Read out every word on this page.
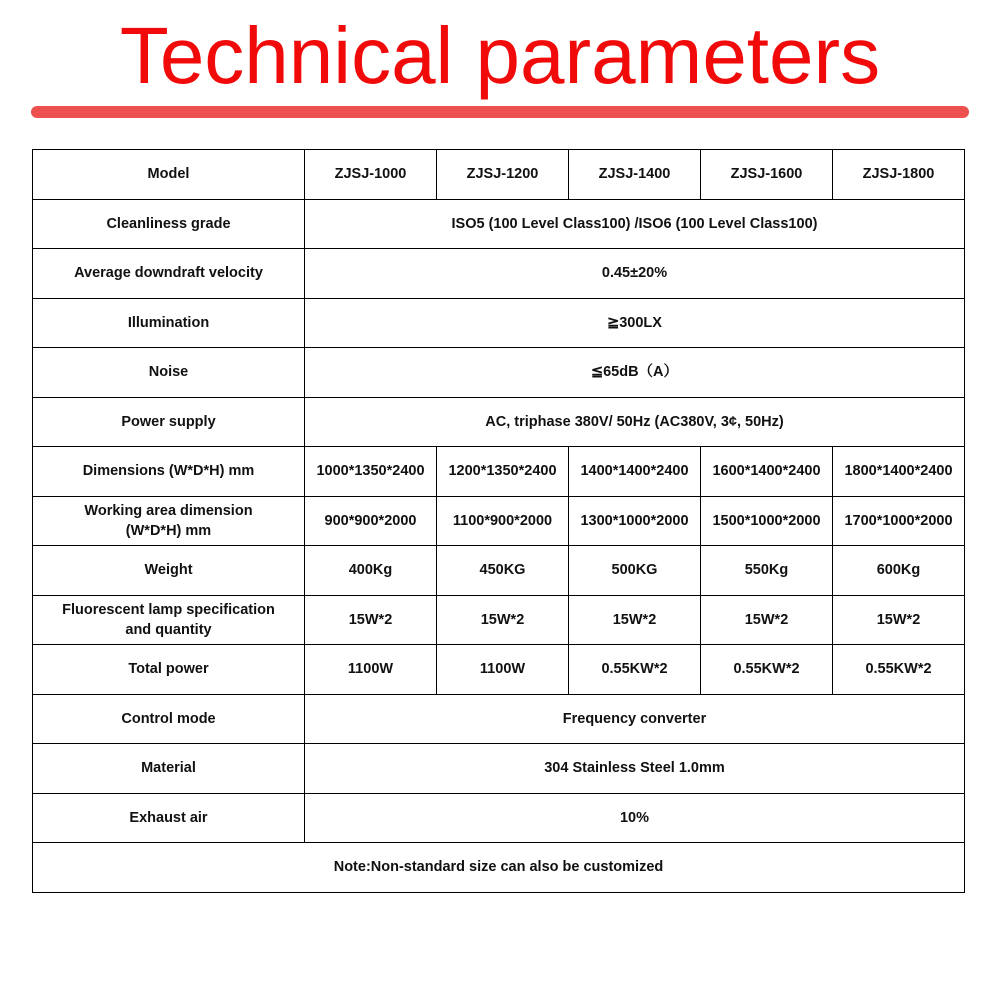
Technical parameters
Model	ZJSJ-1000	ZJSJ-1200	ZJSJ-1400	ZJSJ-1600	ZJSJ-1800
Cleanliness grade	ISO5 (100 Level Class100) /ISO6 (100 Level Class100)				
Average downdraft velocity	0.45±20%				
Illumination	≧300LX				
Noise	≦65dB（A）				
Power supply	AC, triphase 380V/ 50Hz (AC380V, 3¢, 50Hz)				
Dimensions (W*D*H) mm	1000*1350*2400	1200*1350*2400	1400*1400*2400	1600*1400*2400	1800*1400*2400
Working area dimension
(W*D*H) mm	900*900*2000	1100*900*2000	1300*1000*2000	1500*1000*2000	1700*1000*2000
Weight	400Kg	450KG	500KG	550Kg	600Kg
Fluorescent lamp specification
and quantity	15W*2	15W*2	15W*2	15W*2	15W*2
Total power	1100W	1100W	0.55KW*2	0.55KW*2	0.55KW*2
Control mode	Frequency converter				
Material	304 Stainless Steel 1.0mm				
Exhaust air	10%				
Note:Non-standard size can also be customized					
